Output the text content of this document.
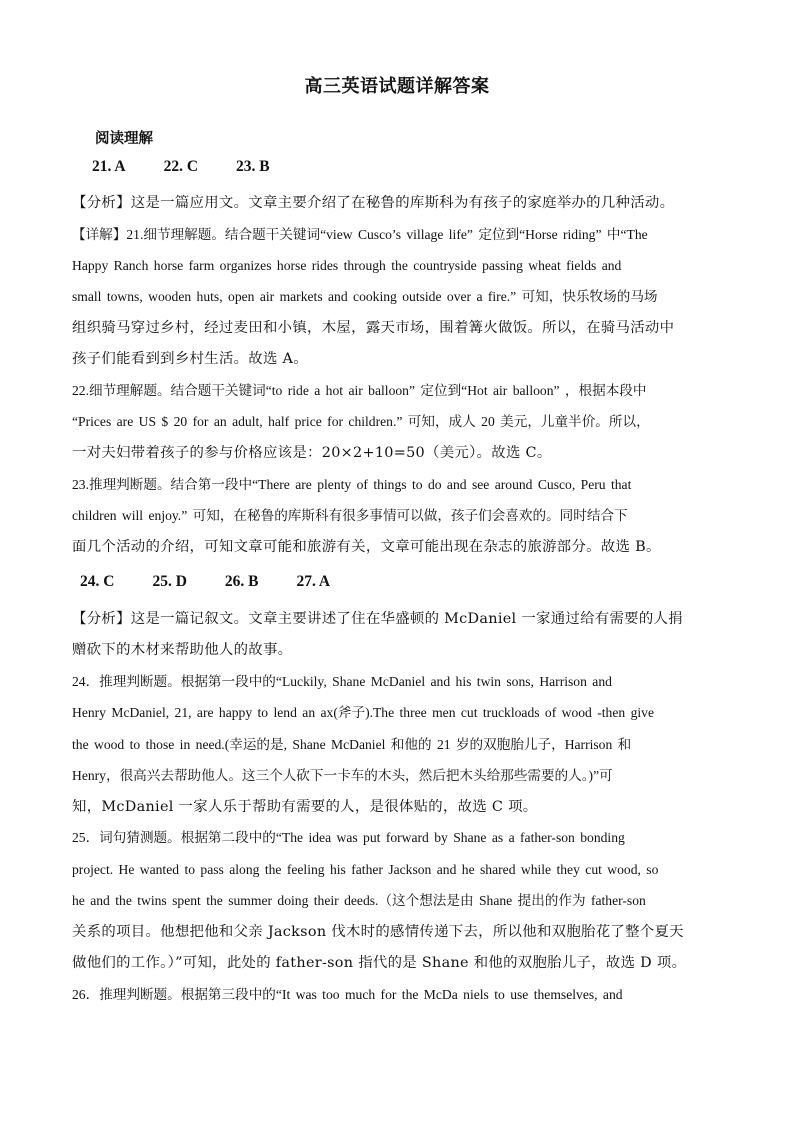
高三英语试题详解答案
阅读理解
21. A 22. C 23. B
【分析】这是一篇应用文。文章主要介绍了在秘鲁的库斯科为有孩子的家庭举办的几种活动。
【详解】21.细节理解题。结合题干关键词“view Cusco’s village life” 定位到“Horse riding” 中“The
Happy Ranch horse farm organizes horse rides through the countryside passing wheat fields and
small towns, wooden huts, open air markets and cooking outside over a fire.” 可知，快乐牧场的马场
组织骑马穿过乡村，经过麦田和小镇，木屋，露天市场，围着篝火做饭。所以，在骑马活动中
孩子们能看到到乡村生活。故选 A。
22.细节理解题。结合题干关键词“to ride a hot air balloon” 定位到“Hot air balloon” ，根据本段中
“Prices are US $ 20 for an adult, half price for children.” 可知，成人 20 美元，儿童半价。所以，
一对夫妇带着孩子的参与价格应该是：20×2+10=50（美元）。故选 C。
23.推理判断题。结合第一段中“There are plenty of things to do and see around Cusco, Peru that
children will enjoy.” 可知，在秘鲁的库斯科有很多事情可以做，孩子们会喜欢的。同时结合下
面几个活动的介绍，可知文章可能和旅游有关，文章可能出现在杂志的旅游部分。故选 B。
24. C 25. D 26. B 27. A
【分析】这是一篇记叙文。文章主要讲述了住在华盛顿的 McDaniel 一家通过给有需要的人捐
赠砍下的木材来帮助他人的故事。
24．推理判断题。根据第一段中的“Luckily, Shane McDaniel and his twin sons, Harrison and
Henry McDaniel, 21, are happy to lend an ax(斧子).The three men cut truckloads of wood -then give
the wood to those in need.(幸运的是, Shane McDaniel 和他的 21 岁的双胞胎儿子，Harrison 和
Henry，很高兴去帮助他人。这三个人砍下一卡车的木头，然后把木头给那些需要的人。)”可
知，McDaniel 一家人乐于帮助有需要的人，是很体贴的，故选 C 项。
25．词句猜测题。根据第二段中的“The idea was put forward by Shane as a father-son bonding
project. He wanted to pass along the feeling his father Jackson and he shared while they cut wood, so
he and the twins spent the summer doing their deeds.（这个想法是由 Shane 提出的作为 father-son
关系的项目。他想把他和父亲 Jackson 伐木时的感情传递下去，所以他和双胞胎花了整个夏天
做他们的工作。）”可知，此处的 father-son 指代的是 Shane 和他的双胞胎儿子，故选 D 项。
26．推理判断题。根据第三段中的“It was too much for the McDa niels to use themselves, and
